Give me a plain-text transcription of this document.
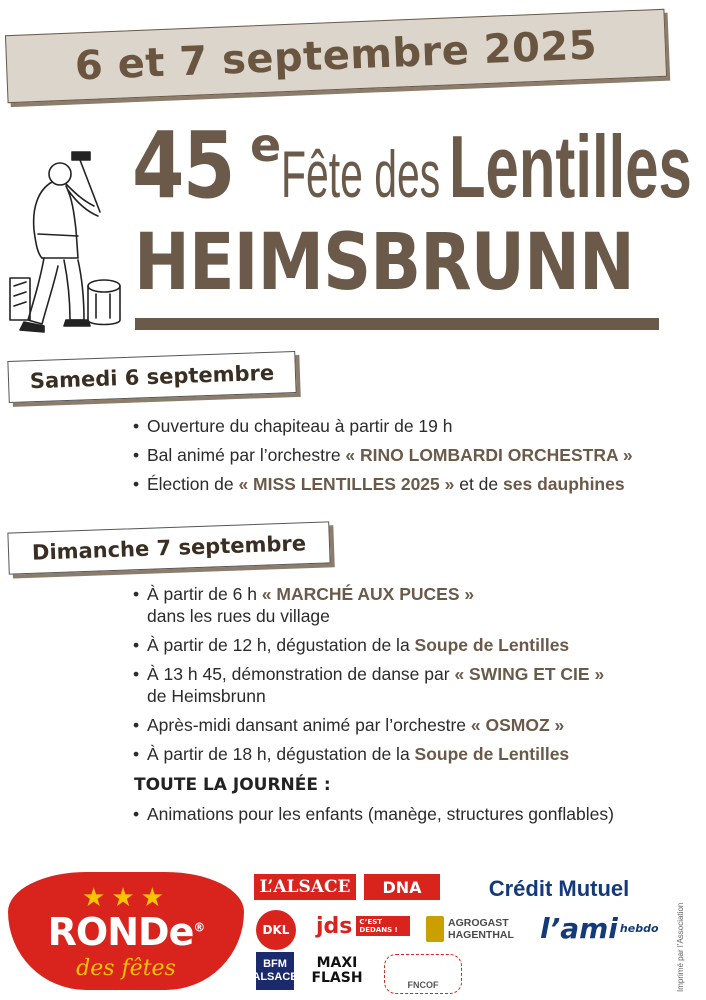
6 et 7 septembre 2025
45 e Fête des Lentilles
HEIMSBRUNN
Samedi 6 septembre
• Ouverture du chapiteau à partir de 19 h
• Bal animé par l’orchestre « RINO LOMBARDI ORCHESTRA »
• Élection de « MISS LENTILLES 2025 » et de ses dauphines
Dimanche 7 septembre
• À partir de 6 h « MARCHÉ AUX PUCES »
dans les rues du village
• À partir de 12 h, dégustation de la Soupe de Lentilles
• À 13 h 45, démonstration de danse par « SWING ET CIE »
de Heimsbrunn
• Après-midi dansant animé par l’orchestre « OSMOZ »
• À partir de 18 h, dégustation de la Soupe de Lentilles
TOUTE LA JOURNÉE :
• Animations pour les enfants (manège, structures gonflables)
★★★
RONDe®
des fêtes
L’ALSACE	DNA	Crédit Mutuel
DKL jds	C’EST DEDANS !
AGROGAST
HAGENTHAL l’ami hebdo
BFM
ALSACE
MAXI
FLASH	FNCOF	Imprimé par l’Association
